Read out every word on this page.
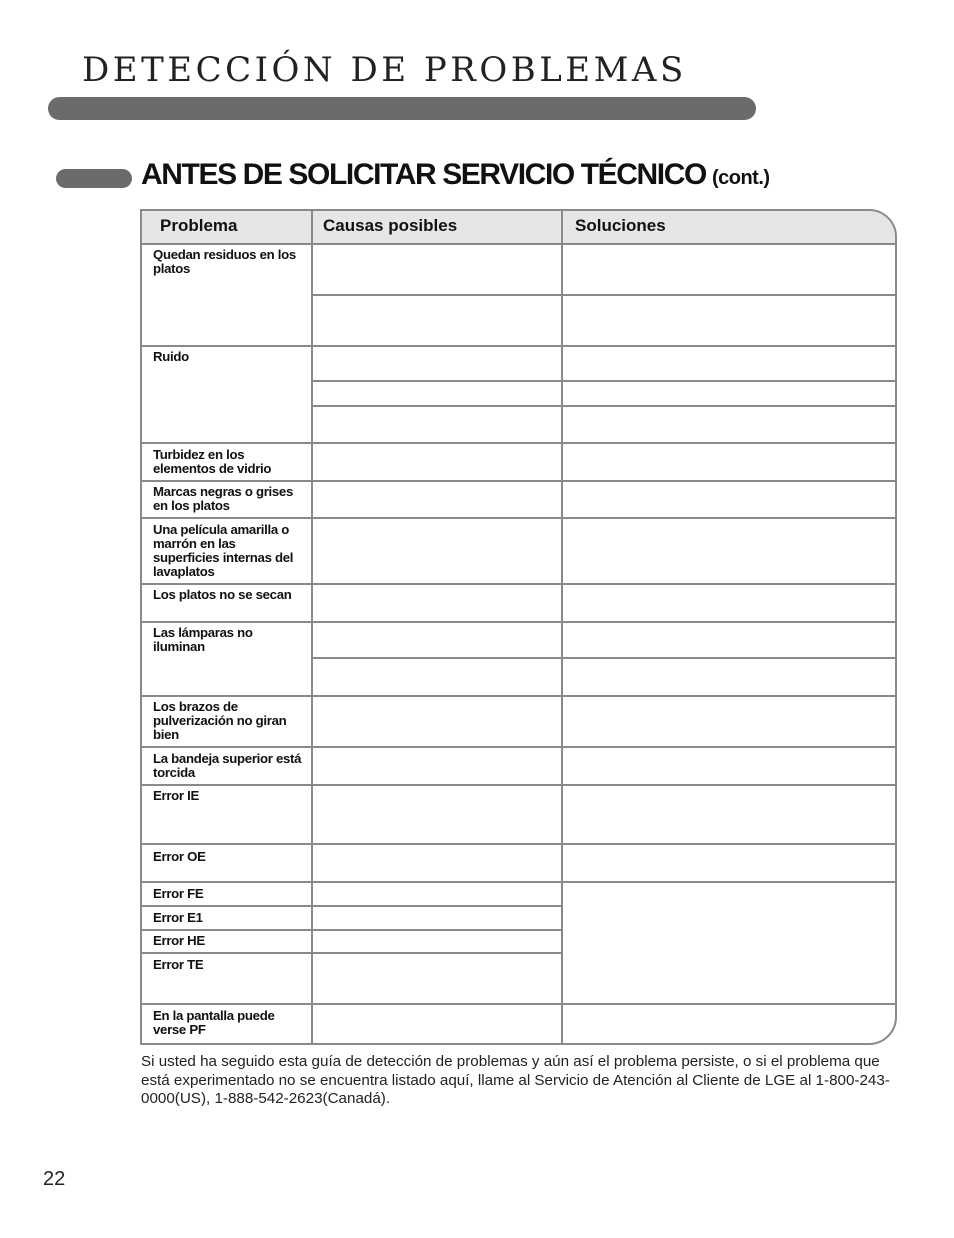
DETECCIÓN DE PROBLEMAS
ANTES DE SOLICITAR SERVICIO TÉCNICO (cont.)
Problema	Causas posibles	Soluciones
Quedan residuos en los platos
Ruido
Turbidez en los elementos de vidrio
Marcas negras o grises en los platos
Una película amarilla o marrón en las superficies internas del lavaplatos
Los platos no se secan
Las lámparas no iluminan
Los brazos de pulverización no giran bien
La bandeja superior está torcida
Error IE
Error OE
Error FE
Error E1
Error HE
Error TE
En la pantalla puede verse PF

Si usted ha seguido esta guía de detección de problemas y aún así el problema persiste, o si el problema que está experimentado no se encuentra listado aquí, llame al Servicio de Atención al Cliente de LGE al 1-800-243-0000(US), 1-888-542-2623(Canadá).

22
